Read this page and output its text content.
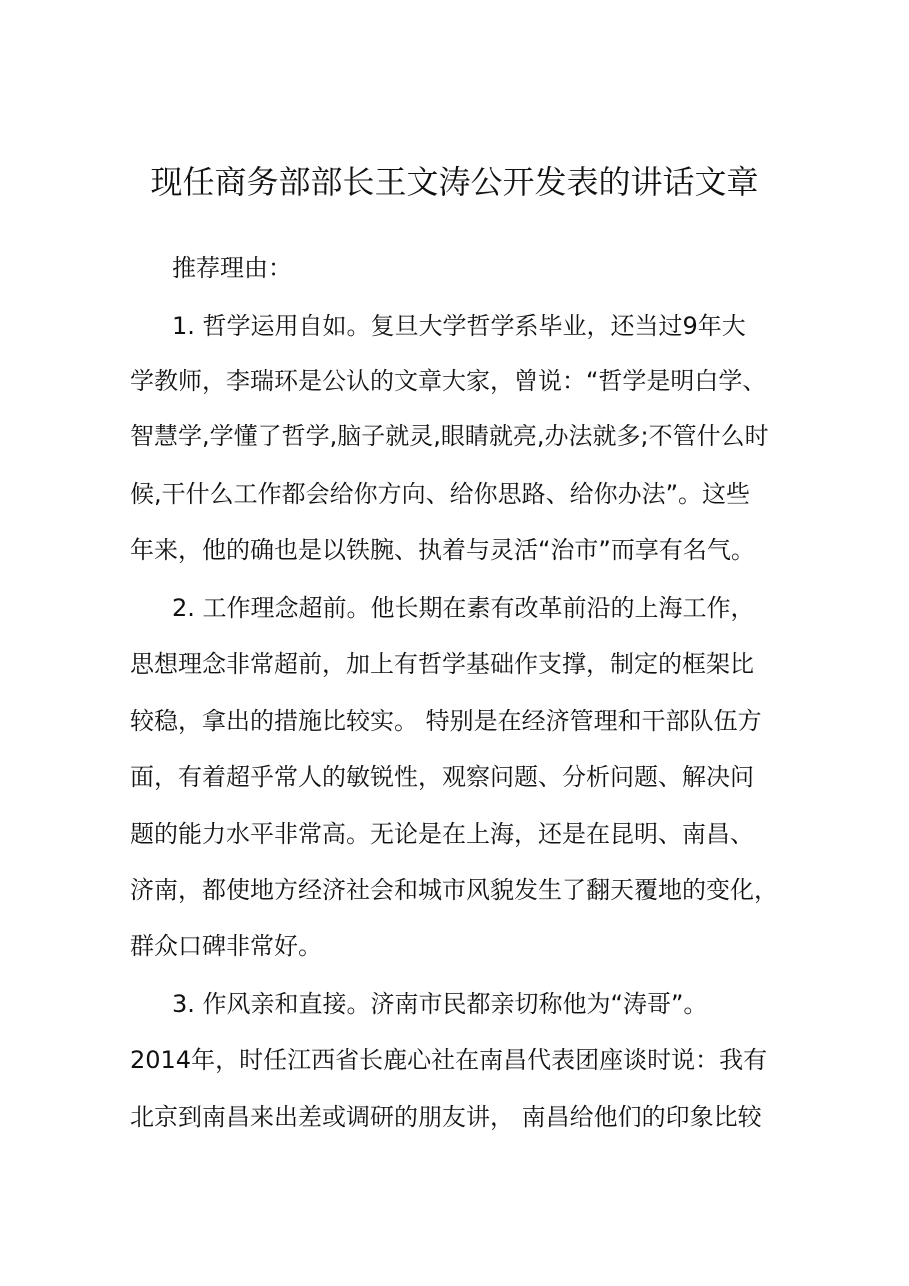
现任商务部部长王文涛公开发表的讲话文章
推荐理由：
1. 哲学运用自如。复旦大学哲学系毕业，还当过9年大
学教师，李瑞环是公认的文章大家，曾说：“哲学是明白学、
智慧学,学懂了哲学,脑子就灵,眼睛就亮,办法就多;不管什么时
候,干什么工作都会给你方向、给你思路、给你办法”。这些
年来，他的确也是以铁腕、执着与灵活“治市”而享有名气。
2. 工作理念超前。他长期在素有改革前沿的上海工作，
思想理念非常超前，加上有哲学基础作支撑，制定的框架比
较稳，拿出的措施比较实。 特别是在经济管理和干部队伍方
面，有着超乎常人的敏锐性，观察问题、分析问题、解决问
题的能力水平非常高。无论是在上海，还是在昆明、南昌、
济南，都使地方经济社会和城市风貌发生了翻天覆地的变化，
群众口碑非常好。
3. 作风亲和直接。济南市民都亲切称他为“涛哥”。
2014年，时任江西省长鹿心社在南昌代表团座谈时说：我有
北京到南昌来出差或调研的朋友讲， 南昌给他们的印象比较
